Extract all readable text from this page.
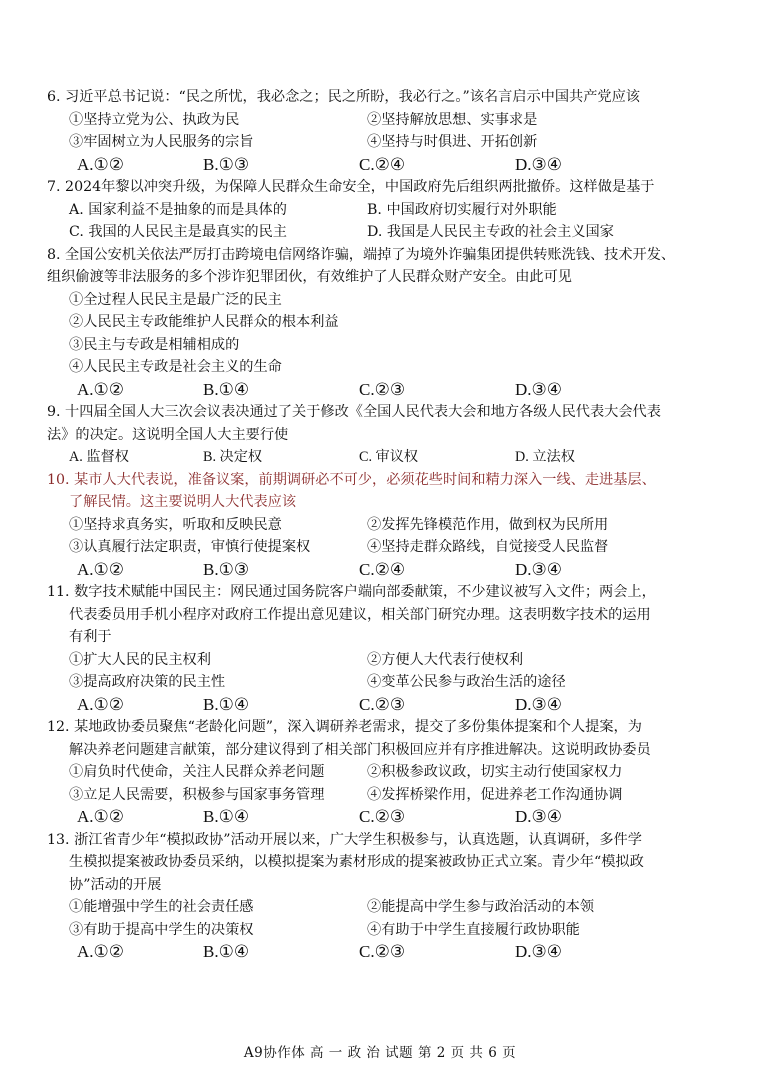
6. 习近平总书记说：“民之所忧，我必念之；民之所盼，我必行之。”该名言启示中国共产党应该
①坚持立党为公、执政为民	②坚持解放思想、实事求是
③牢固树立为人民服务的宗旨	④坚持与时俱进、开拓创新
A.①②	B.①③	C.②④	D.③④
7. 2024年黎以冲突升级，为保障人民群众生命安全，中国政府先后组织两批撤侨。这样做是基于
A. 国家利益不是抽象的而是具体的	B. 中国政府切实履行对外职能
C. 我国的人民民主是最真实的民主	D. 我国是人民民主专政的社会主义国家
8. 全国公安机关依法严厉打击跨境电信网络诈骗，端掉了为境外诈骗集团提供转账洗钱、技术开发、
组织偷渡等非法服务的多个涉诈犯罪团伙，有效维护了人民群众财产安全。由此可见
①全过程人民民主是最广泛的民主
②人民民主专政能维护人民群众的根本利益
③民主与专政是相辅相成的
④人民民主专政是社会主义的生命
A.①②	B.①④	C.②③	D.③④
9. 十四届全国人大三次会议表决通过了关于修改《全国人民代表大会和地方各级人民代表大会代表
法》的决定。这说明全国人大主要行使
A. 监督权	B. 决定权	C. 审议权	D. 立法权
10. 某市人大代表说，准备议案，前期调研必不可少，必须花些时间和精力深入一线、走进基层、
了解民情。这主要说明人大代表应该
①坚持求真务实，听取和反映民意	②发挥先锋模范作用，做到权为民所用
③认真履行法定职责，审慎行使提案权	④坚持走群众路线，自觉接受人民监督
A.①②	B.①③	C.②④	D.③④
11. 数字技术赋能中国民主：网民通过国务院客户端向部委献策，不少建议被写入文件；两会上，
代表委员用手机小程序对政府工作提出意见建议，相关部门研究办理。这表明数字技术的运用
有利于
①扩大人民的民主权利	②方便人大代表行使权利
③提高政府决策的民主性	④变革公民参与政治生活的途径
A.①②	B.①④	C.②③	D.③④
12. 某地政协委员聚焦“老龄化问题”，深入调研养老需求，提交了多份集体提案和个人提案，为
解决养老问题建言献策，部分建议得到了相关部门积极回应并有序推进解决。这说明政协委员
①肩负时代使命，关注人民群众养老问题	②积极参政议政，切实主动行使国家权力
③立足人民需要，积极参与国家事务管理	④发挥桥梁作用，促进养老工作沟通协调
A.①②	B.①④	C.②③	D.③④
13. 浙江省青少年“模拟政协”活动开展以来，广大学生积极参与，认真选题，认真调研，多件学
生模拟提案被政协委员采纳，以模拟提案为素材形成的提案被政协正式立案。青少年“模拟政
协”活动的开展
①能增强中学生的社会责任感	②能提高中学生参与政治活动的本领
③有助于提高中学生的决策权	④有助于中学生直接履行政协职能
A.①②	B.①④	C.②③	D.③④
A9协作体 高 一 政 治 试题 第 2 页 共 6 页
